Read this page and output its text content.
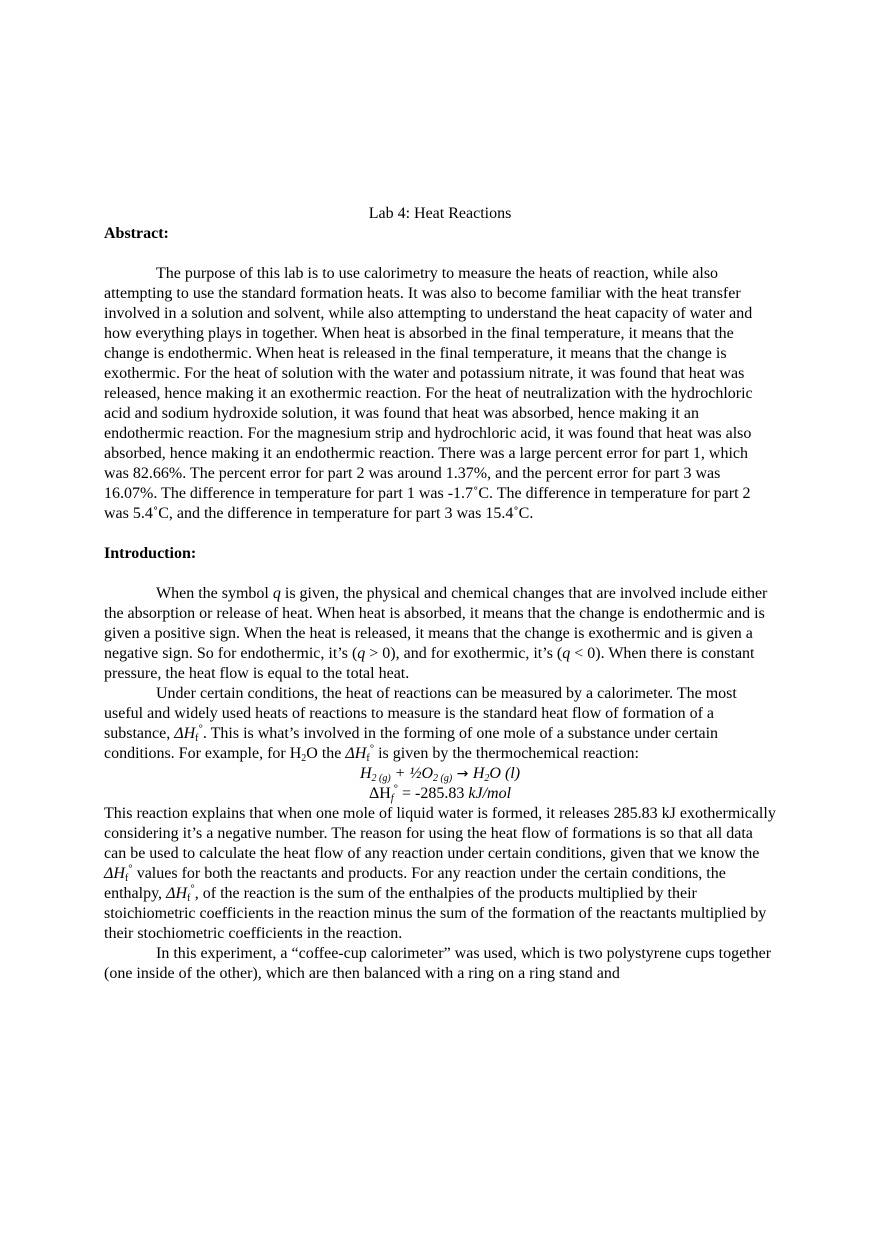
Lab 4: Heat Reactions

Abstract:

The purpose of this lab is to use calorimetry to measure the heats of reaction, while also attempting to use the standard formation heats. It was also to become familiar with the heat transfer involved in a solution and solvent, while also attempting to understand the heat capacity of water and how everything plays in together. When heat is absorbed in the final temperature, it means that the change is endothermic. When heat is released in the final temperature, it means that the change is exothermic. For the heat of solution with the water and potassium nitrate, it was found that heat was released, hence making it an exothermic reaction. For the heat of neutralization with the hydrochloric acid and sodium hydroxide solution, it was found that heat was absorbed, hence making it an endothermic reaction. For the magnesium strip and hydrochloric acid, it was found that heat was also absorbed, hence making it an endothermic reaction. There was a large percent error for part 1, which was 82.66%. The percent error for part 2 was around 1.37%, and the percent error for part 3 was 16.07%. The difference in temperature for part 1 was -1.7˚C. The difference in temperature for part 2 was 5.4˚C, and the difference in temperature for part 3 was 15.4˚C.

Introduction:

When the symbol q is given, the physical and chemical changes that are involved include either the absorption or release of heat. When heat is absorbed, it means that the change is endothermic and is given a positive sign. When the heat is released, it means that the change is exothermic and is given a negative sign. So for endothermic, it’s (q > 0), and for exothermic, it’s (q < 0). When there is constant pressure, the heat flow is equal to the total heat.

Under certain conditions, the heat of reactions can be measured by a calorimeter. The most useful and widely used heats of reactions to measure is the standard heat flow of formation of a substance, $\Delta H_f^\circ$. This is what’s involved in the forming of one mole of a substance under certain conditions. For example, for $H_2O$ the $\Delta H_f^\circ$ is given by the thermochemical reaction:

$H_{2 (g)}$ + $\frac{1}{2}O_{2 (g)} \to H_2O$ (l)

$\Delta H_f^\circ = -285.83$ kJ/mol

This reaction explains that when one mole of liquid water is formed, it releases 285.83 kJ exothermically considering it’s a negative number. The reason for using the heat flow of formations is so that all data can be used to calculate the heat flow of any reaction under certain conditions, given that we know the $\Delta H_f^\circ$ values for both the reactants and products. For any reaction under the certain conditions, the enthalpy, $\Delta H_f^\circ$, of the reaction is the sum of the enthalpies of the products multiplied by their stoichiometric coefficients in the reaction minus the sum of the formation of the reactants multiplied by their stochiometric coefficients in the reaction.

In this experiment, a “coffee-cup calorimeter” was used, which is two polystyrene cups together (one inside of the other), which are then balanced with a ring on a ring stand and
